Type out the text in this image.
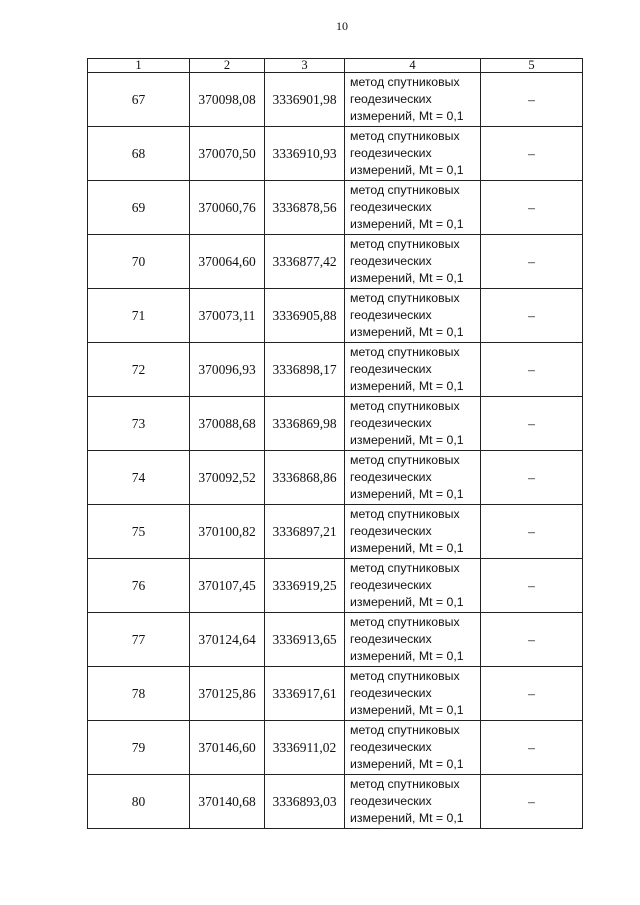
10
1	2	3	4	5
67	370098,08	3336901,98	метод спутниковых
геодезических
измерений, Mt = 0,1	–
68	370070,50	3336910,93	метод спутниковых
геодезических
измерений, Mt = 0,1	–
69	370060,76	3336878,56	метод спутниковых
геодезических
измерений, Mt = 0,1	–
70	370064,60	3336877,42	метод спутниковых
геодезических
измерений, Mt = 0,1	–
71	370073,11	3336905,88	метод спутниковых
геодезических
измерений, Mt = 0,1	–
72	370096,93	3336898,17	метод спутниковых
геодезических
измерений, Mt = 0,1	–
73	370088,68	3336869,98	метод спутниковых
геодезических
измерений, Mt = 0,1	–
74	370092,52	3336868,86	метод спутниковых
геодезических
измерений, Mt = 0,1	–
75	370100,82	3336897,21	метод спутниковых
геодезических
измерений, Mt = 0,1	–
76	370107,45	3336919,25	метод спутниковых
геодезических
измерений, Mt = 0,1	–
77	370124,64	3336913,65	метод спутниковых
геодезических
измерений, Mt = 0,1	–
78	370125,86	3336917,61	метод спутниковых
геодезических
измерений, Mt = 0,1	–
79	370146,60	3336911,02	метод спутниковых
геодезических
измерений, Mt = 0,1	–
80	370140,68	3336893,03	метод спутниковых
геодезических
измерений, Mt = 0,1	–
